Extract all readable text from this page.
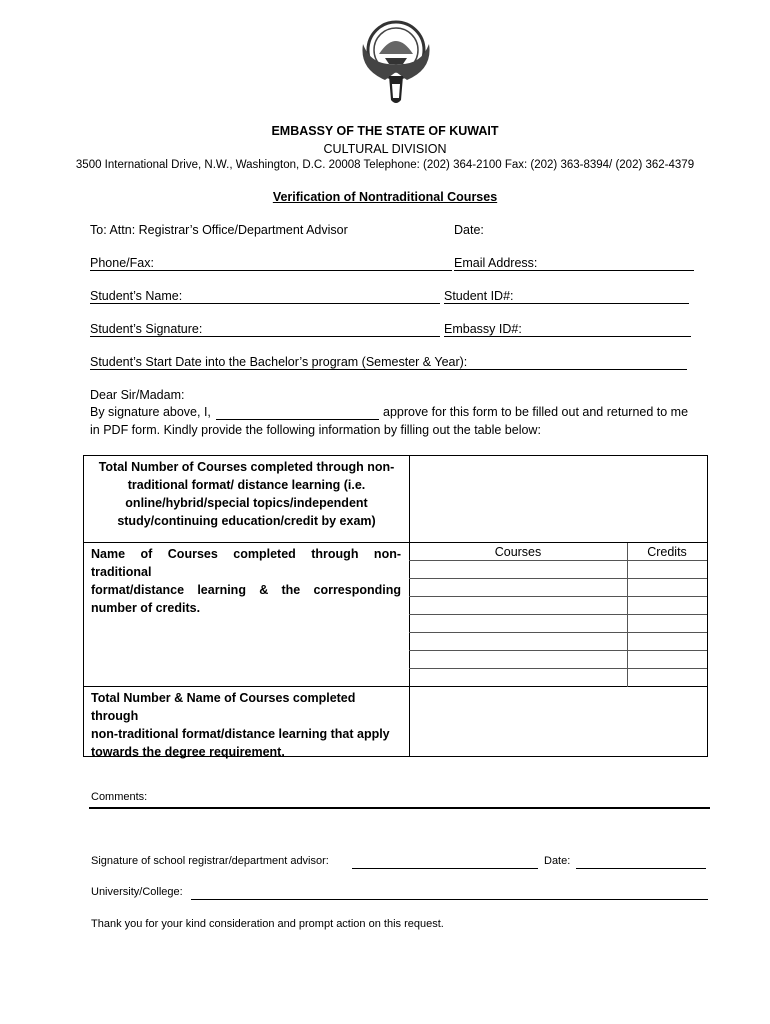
EMBASSY OF THE STATE OF KUWAIT
CULTURAL DIVISION
3500 International Drive, N.W., Washington, D.C. 20008 Telephone: (202) 364-2100 Fax: (202) 363-8394/ (202) 362-4379
Verification of Nontraditional Courses
To: Attn: Registrar’s Office/Department Advisor	Date:
Phone/Fax:	Email Address:
Student’s Name:	Student ID#:
Student’s Signature:	Embassy ID#:
Student’s Start Date into the Bachelor’s program (Semester & Year):
Dear Sir/Madam:
By signature above, I,	approve for this form to be filled out and returned to me
in PDF form. Kindly provide the following information by filling out the table below:
Total Number of Courses completed through non-
traditional format/ distance learning (i.e.
online/hybrid/special topics/independent
study/continuing education/credit by exam)
Name of Courses completed through non-traditional
format/distance learning & the corresponding
number of credits.
Courses	Credits
Total Number & Name of Courses completed through
non-traditional format/distance learning that apply
towards the degree requirement.
Comments:
Signature of school registrar/department advisor:	Date:
University/College:
Thank you for your kind consideration and prompt action on this request.
